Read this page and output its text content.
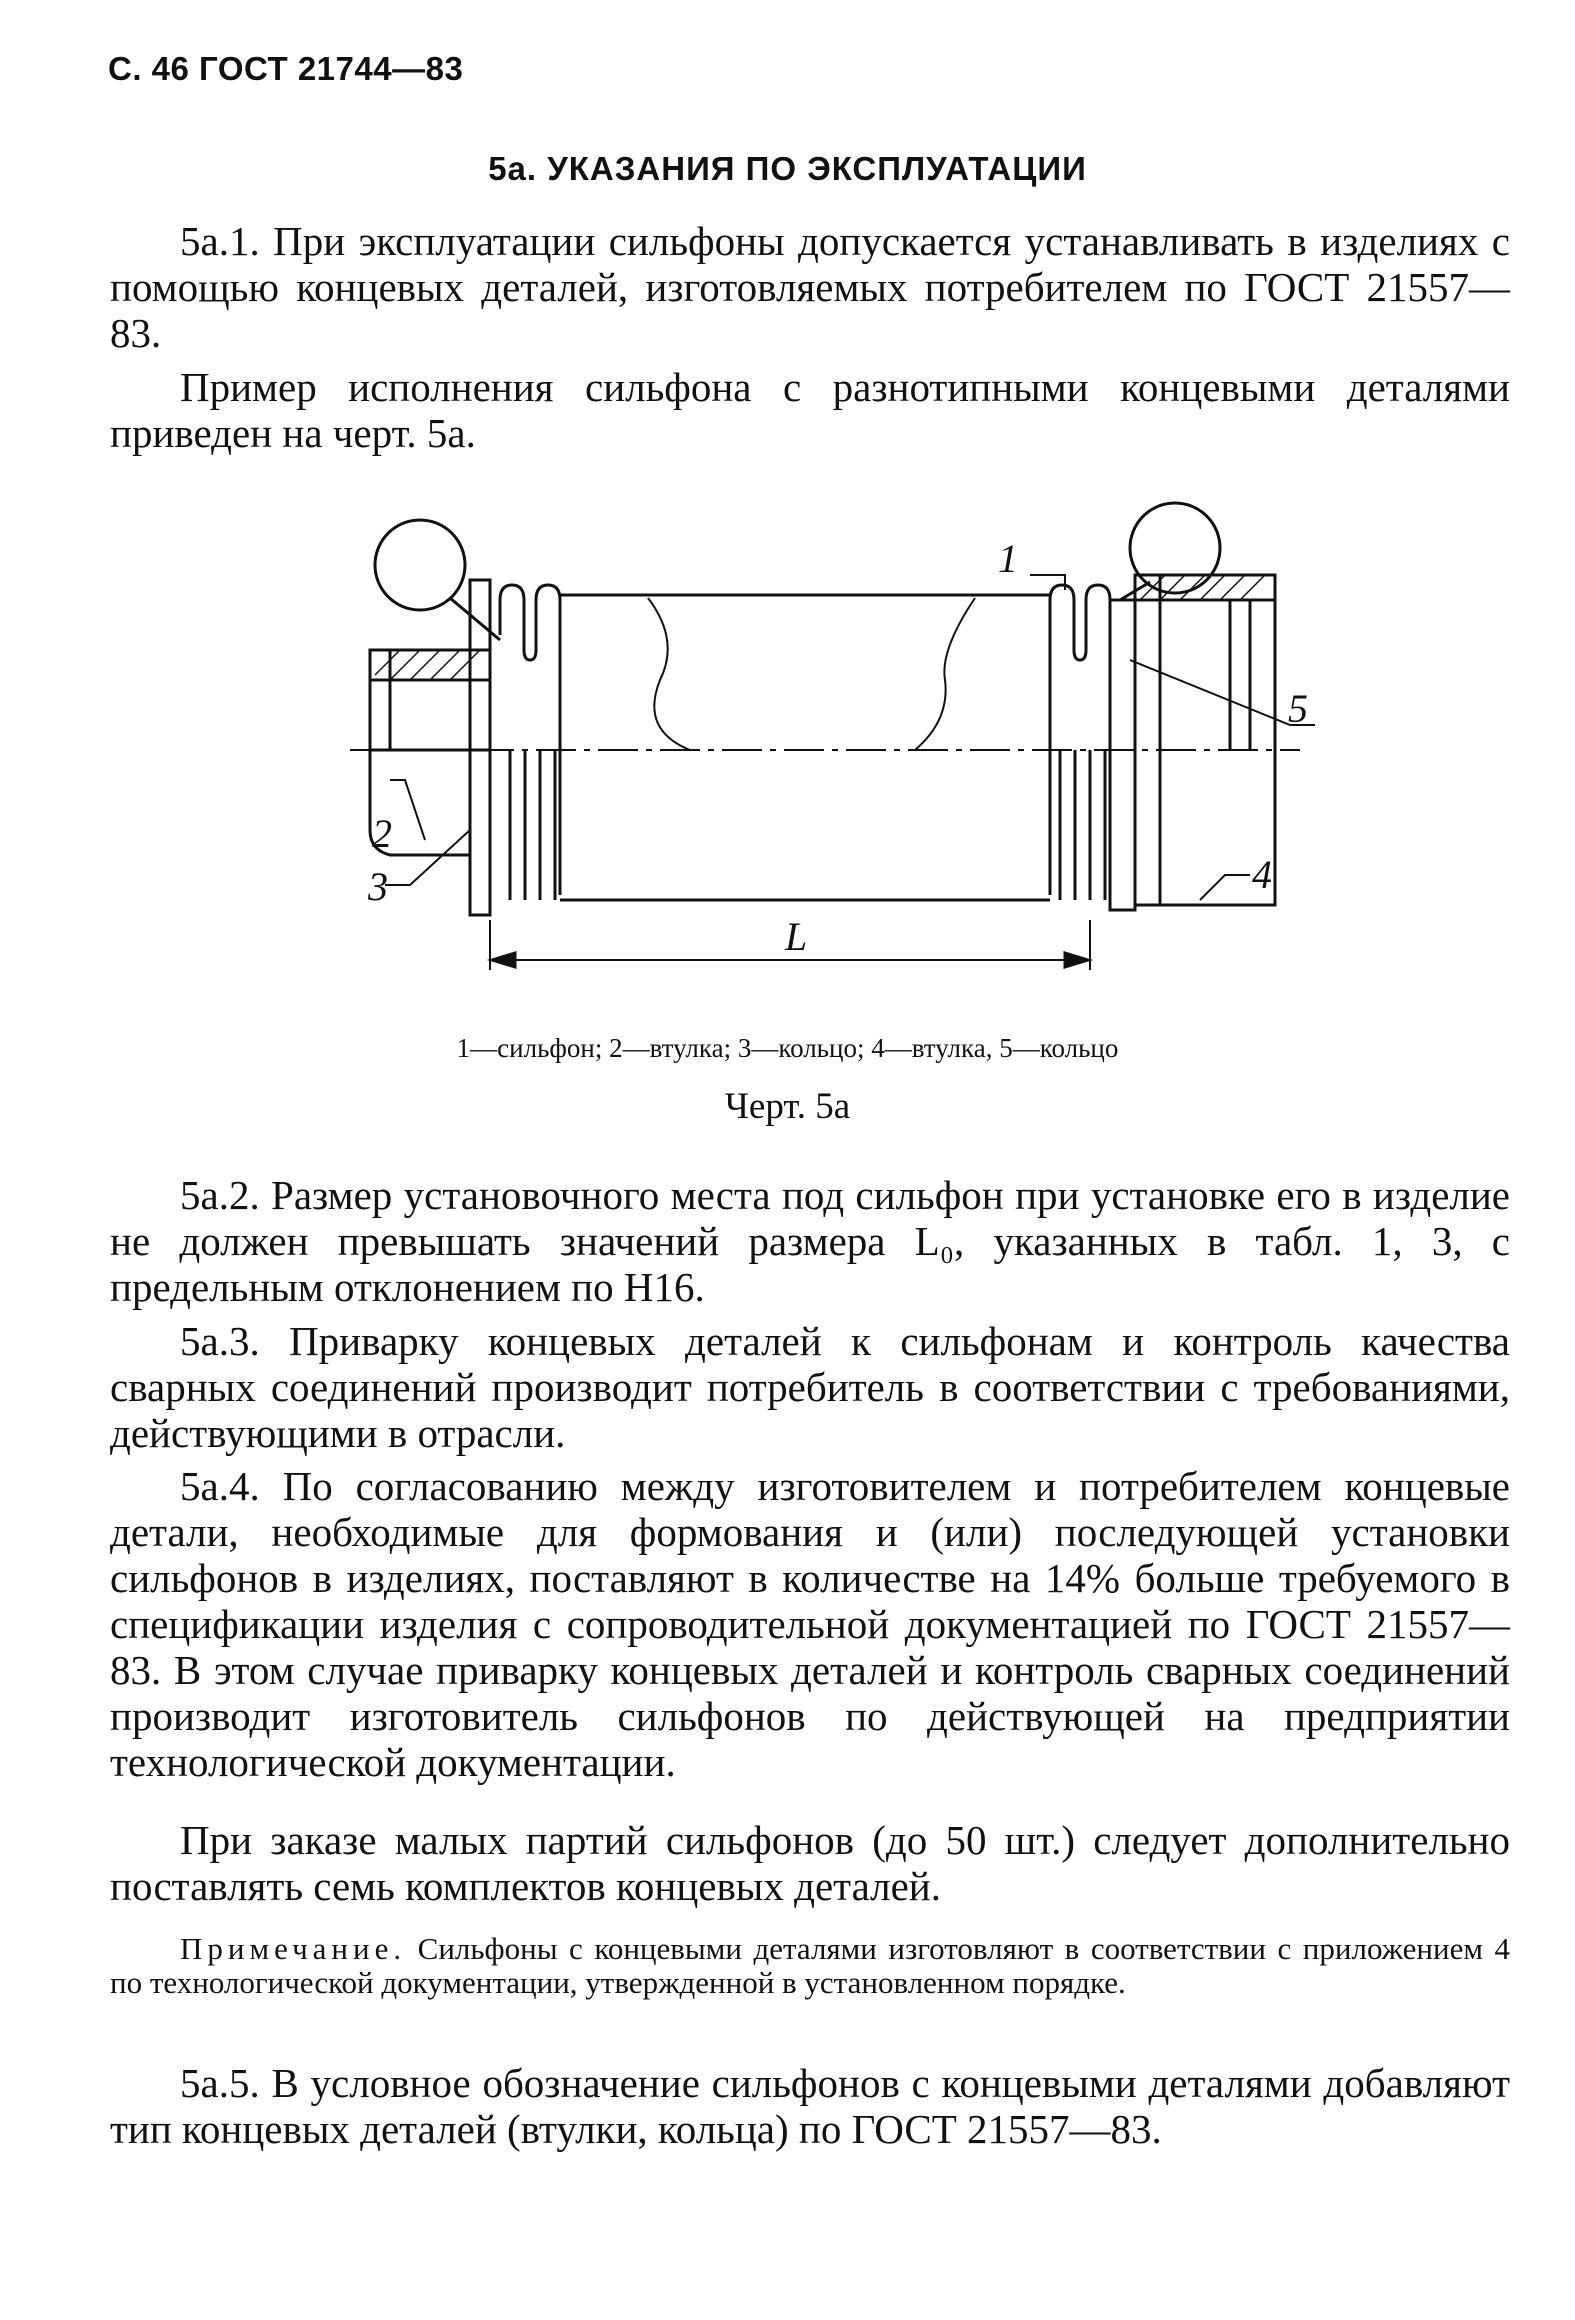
С. 46 ГОСТ 21744—83
5а. УКАЗАНИЯ ПО ЭКСПЛУАТАЦИИ

5а.1. При эксплуатации сильфоны допускается устанавливать в изделиях с помощью концевых деталей, изготовляемых потребителем по ГОСТ 21557—83.

Пример исполнения сильфона с разнотипными концевыми деталями приведен на черт. 5а.

1
2
3	4
5
L
1—сильфон; 2—втулка; 3—кольцо; 4—втулка, 5—кольцо
Черт. 5а

5а.2. Размер установочного места под сильфон при установке его в изделие не должен превышать значений размера L₀, указанных в табл. 1, 3, с предельным отклонением по Н16.

5а.3. Приварку концевых деталей к сильфонам и контроль качества сварных соединений производит потребитель в соответствии с требованиями, действующими в отрасли.

5а.4. По согласованию между изготовителем и потребителем концевые детали, необходимые для формования и (или) последующей установки сильфонов в изделиях, поставляют в количестве на 14% больше требуемого в спецификации изделия с сопроводительной документацией по ГОСТ 21557—83. В этом случае приварку концевых деталей и контроль сварных соединений производит изготовитель сильфонов по действующей на предприятии технологической документации.

При заказе малых партий сильфонов (до 50 шт.) следует дополнительно поставлять семь комплектов концевых деталей.

Примечание. Сильфоны с концевыми деталями изготовляют в соответствии с приложением 4 по технологической документации, утвержденной в установленном порядке.

5а.5. В условное обозначение сильфонов с концевыми деталями добавляют тип концевых деталей (втулки, кольца) по ГОСТ 21557—83.
